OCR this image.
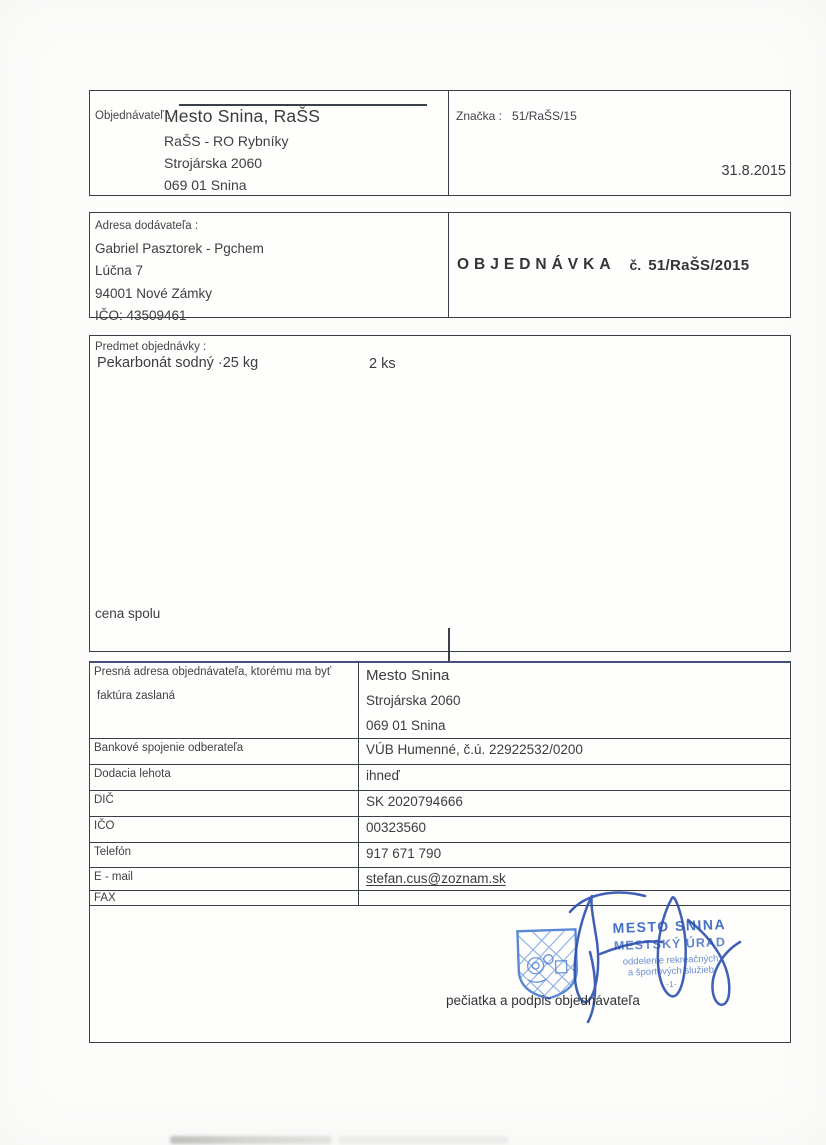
Objednávateľ :
Mesto Snina, RaŠS
RaŠS - RO Rybníky
Strojárska 2060
069 01 Snina
Značka : 51/RaŠS/15
31.8.2015
Adresa dodávateľa :
Gabriel Pasztorek - Pgchem
Lúčna 7
94001 Nové Zámky
IČO: 43509461
OBJEDNÁVKA č. 51/RaŠS/2015
Predmet objednávky :
Pekarbonát sodný ·25 kg	2 ks
cena spolu
Presná adresa objednávateľa, ktorému ma byť
faktúra zaslaná
Mesto Snina
Strojárska 2060
069 01 Snina
Bankové spojenie odberateľa	VÚB Humenné, č.ú. 22922532/0200
Dodacia lehota	ihneď
DIČ	SK 2020794666
IČO	00323560
Telefón	917 671 790
E - mail	stefan.cus@zoznam.sk
FAX
MESTO SNINA
MESTSKÝ ÚRAD
oddelenie rekreačných
a športových služieb
-1-
pečiatka a podpis objednávateľa
